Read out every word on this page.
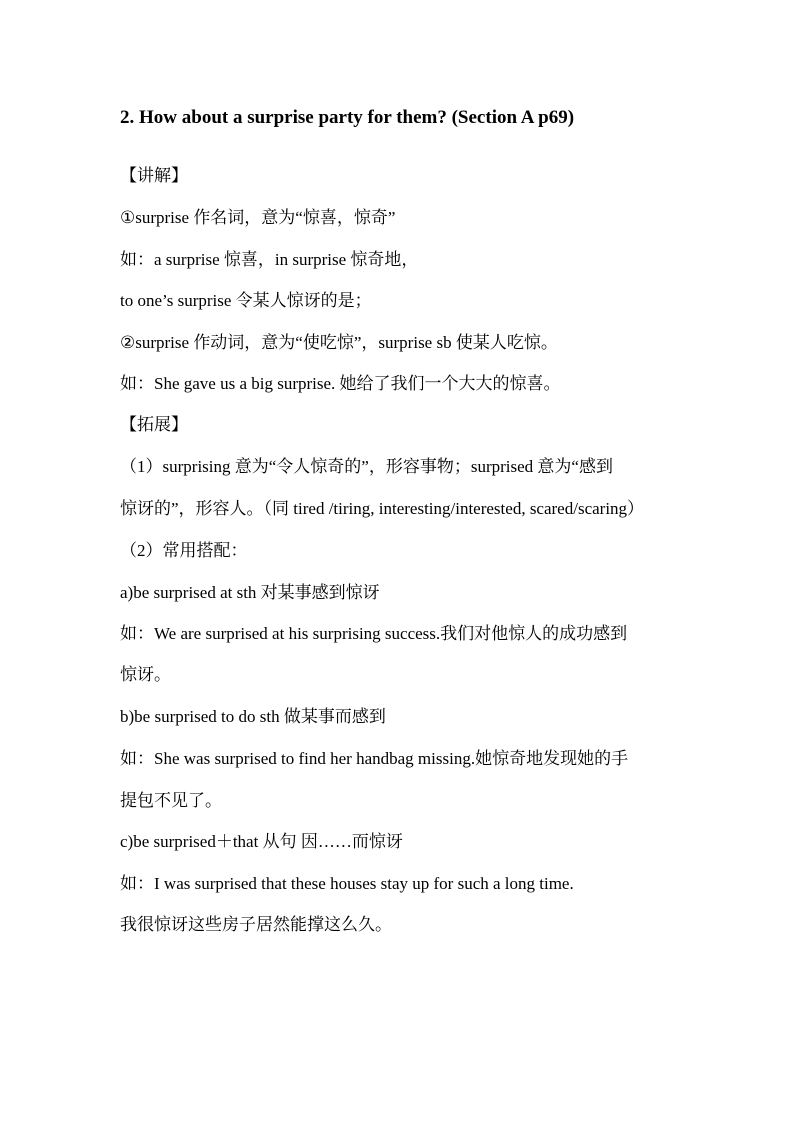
2. How about a surprise party for them? (Section A p69)
【讲解】
①surprise 作名词，意为“惊喜，惊奇”
如：a surprise 惊喜，in surprise 惊奇地，
to one’s surprise 令某人惊讶的是；
②surprise 作动词，意为“使吃惊”，surprise sb 使某人吃惊。
如：She gave us a big surprise. 她给了我们一个大大的惊喜。
【拓展】
（1）surprising 意为“令人惊奇的”，形容事物；surprised 意为“感到
惊讶的”，形容人。（同 tired /tiring, interesting/interested, scared/scaring）
（2）常用搭配：
a)be surprised at sth 对某事感到惊讶
如：We are surprised at his surprising success.我们对他惊人的成功感到
惊讶。
b)be surprised to do sth 做某事而感到
如：She was surprised to find her handbag missing.她惊奇地发现她的手
提包不见了。
c)be surprised＋that 从句 因……而惊讶
如：I was surprised that these houses stay up for such a long time.
我很惊讶这些房子居然能撑这么久。
